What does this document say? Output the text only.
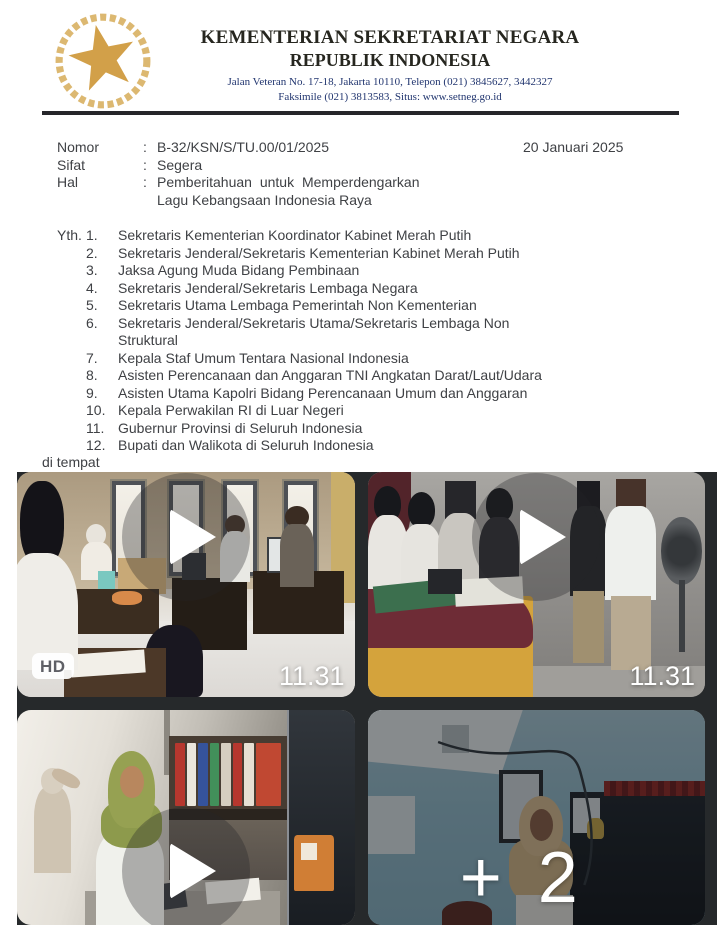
KEMENTERIAN SEKRETARIAT NEGARA
REPUBLIK INDONESIA
Jalan Veteran No. 17-18, Jakarta 10110, Telepon (021) 3845627, 3442327
Faksimile (021) 3813583, Situs: www.setneg.go.id
Nomor	: B-32/KSN/S/TU.00/01/2025
Sifat	: Segera
Hal	: Pemberitahuan untuk Memperdengarkan
Lagu Kebangsaan Indonesia Raya
20 Januari 2025
Yth. 1.	Sekretaris Kementerian Koordinator Kabinet Merah Putih
2.	Sekretaris Jenderal/Sekretaris Kementerian Kabinet Merah Putih
3.	Jaksa Agung Muda Bidang Pembinaan
4.	Sekretaris Jenderal/Sekretaris Lembaga Negara
5.	Sekretaris Utama Lembaga Pemerintah Non Kementerian
6.	Sekretaris Jenderal/Sekretaris Utama/Sekretaris Lembaga Non
Struktural
7.	Kepala Staf Umum Tentara Nasional Indonesia
8.	Asisten Perencanaan dan Anggaran TNI Angkatan Darat/Laut/Udara
9.	Asisten Utama Kapolri Bidang Perencanaan Umum dan Anggaran
10. Kepala Perwakilan RI di Luar Negeri
11. Gubernur Provinsi di Seluruh Indonesia
12. Bupati dan Walikota di Seluruh Indonesia
di tempat
HD	11.31	11.31
+ 2
